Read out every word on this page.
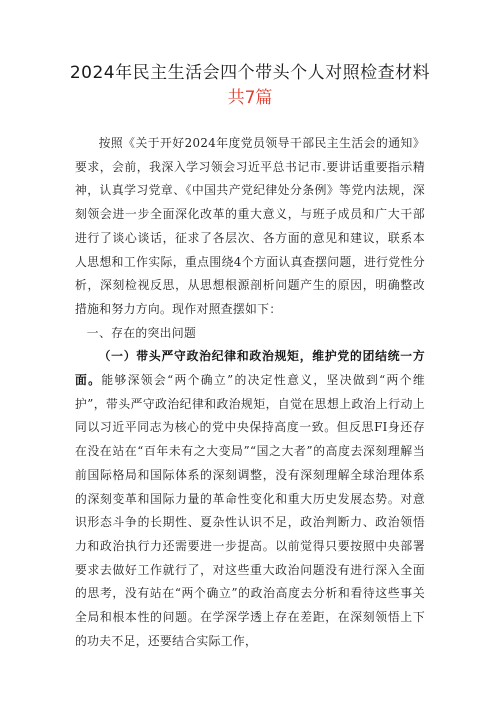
2024年民主生活会四个带头个人对照检查材料
共7篇

按照《关于开好2024年度党员领导干部民主生活会的通知》要求，会前，我深入学习领会习近平总书记市.要讲话重要指示精神，认真学习党章、《中国共产党纪律处分条例》等党内法规，深刻领会进一步全面深化改革的重大意义，与班子成员和广大干部进行了谈心谈话，征求了各层次、各方面的意见和建议，联系本人思想和工作实际，重点围绕4个方面认真查摆问题，进行党性分析，深刻检视反思，从思想根源剖析问题产生的原因，明确整改措施和努力方向。现作对照查摆如下：

一、存在的突出问题

（一）带头严守政治纪律和政治规矩，维护党的团结统一方面。能够深领会“两个确立”的决定性意义，坚决做到“两个维护”，带头严守政治纪律和政治规矩，自觉在思想上政治上行动上同以习近平同志为核心的党中央保持高度一致。但反思FI身还存在没在站在“百年未有之大变局”“国之大者”的高度去深刻理解当前国际格局和国际体系的深刻调整，没有深刻理解全球治理体系的深刻变革和国际力量的革命性变化和重大历史发展态势。对意识形态斗争的长期性、夏杂性认识不足，政治判断力、政治领悟力和政治执行力还需要进一步提高。以前觉得只要按照中央部署要求去做好工作就行了，对这些重大政治问题没有进行深入全面的思考，没有站在“两个确立”的政治高度去分析和看待这些事关全局和根本性的问题。在学深学透上存在差距，在深刻领悟上下的功夫不足，还要结合实际工作，
